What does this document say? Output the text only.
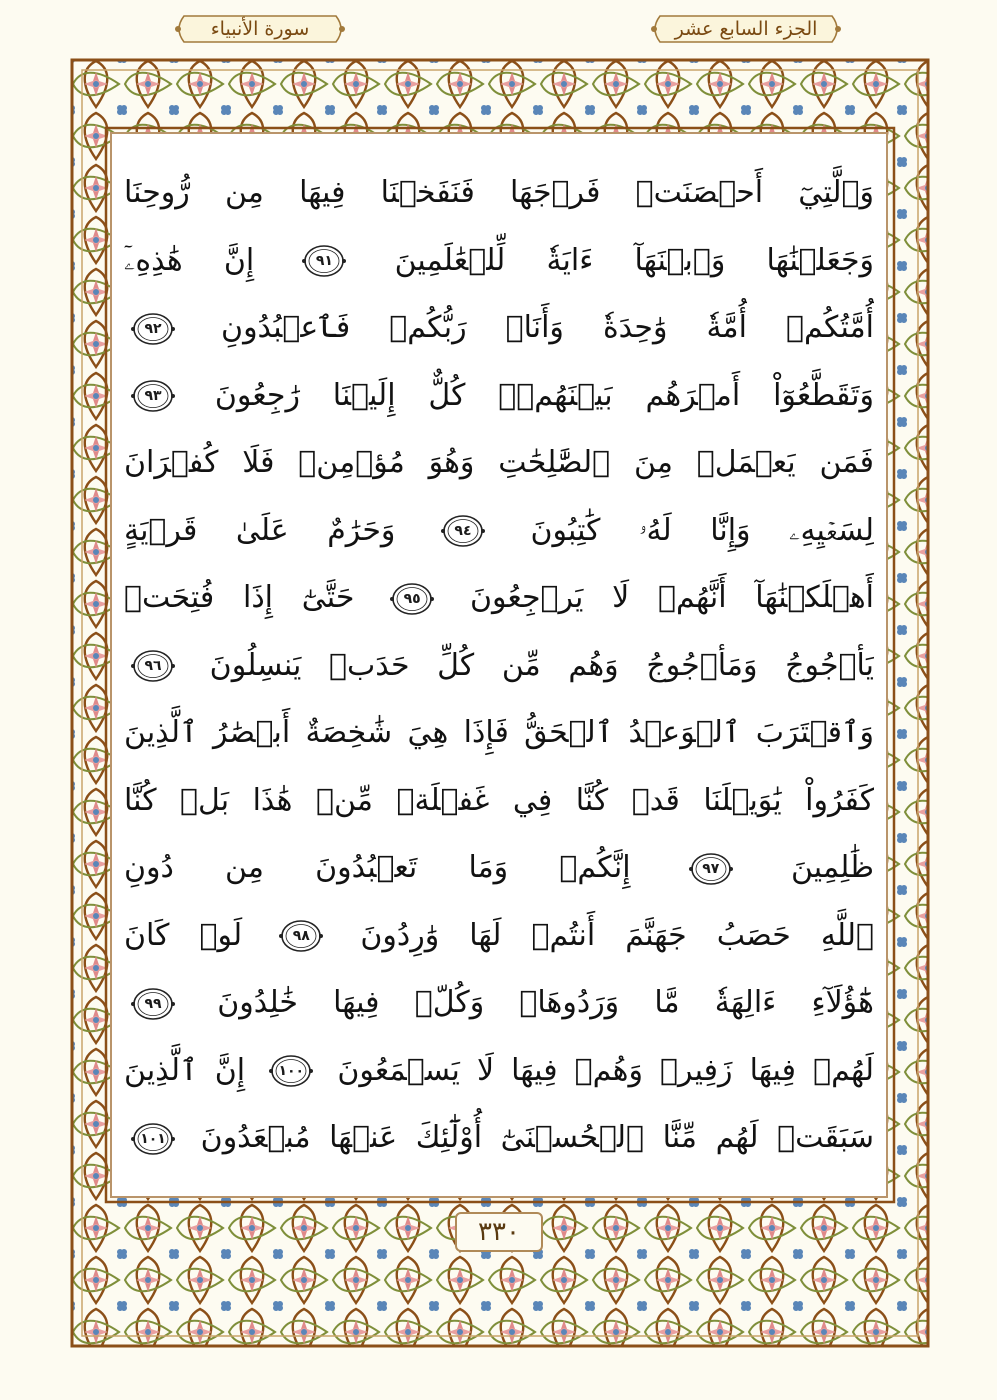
سورة الأنبياء	الجزء السابع عشر
وَٱلَّتِيٓ أَحۡصَنَتۡ فَرۡجَهَا فَنَفَخۡنَا فِيهَا مِن رُّوحِنَا
وَجَعَلۡنَٰهَا وَٱبۡنَهَآ ءَايَةٗ لِّلۡعَٰلَمِينَ
٩١
إِنَّ هَٰذِهِۦٓ
أُمَّتُكُمۡ أُمَّةٗ وَٰحِدَةٗ وَأَنَا۠ رَبُّكُمۡ فَٱعۡبُدُونِ
٩٢
وَتَقَطَّعُوٓاْ أَمۡرَهُم بَيۡنَهُمۡۖ كُلٌّ إِلَيۡنَا رَٰجِعُونَ
٩٣
فَمَن يَعۡمَلۡ مِنَ ٱلصَّٰلِحَٰتِ وَهُوَ مُؤۡمِنٞ فَلَا كُفۡرَانَ
لِسَعۡيِهِۦ وَإِنَّا لَهُۥ كَٰتِبُونَ
٩٤
وَحَرَٰمٌ عَلَىٰ قَرۡيَةٍ
أَهۡلَكۡنَٰهَآ أَنَّهُمۡ لَا يَرۡجِعُونَ
٩٥
حَتَّىٰٓ إِذَا فُتِحَتۡ
يَأۡجُوجُ وَمَأۡجُوجُ وَهُم مِّن كُلِّ حَدَبٖ يَنسِلُونَ
٩٦
وَٱقۡتَرَبَ ٱلۡوَعۡدُ ٱلۡحَقُّ فَإِذَا هِيَ شَٰخِصَةٌ أَبۡصَٰرُ ٱلَّذِينَ
كَفَرُواْ يَٰوَيۡلَنَا قَدۡ كُنَّا فِي غَفۡلَةٖ مِّنۡ هَٰذَا بَلۡ كُنَّا
ظَٰلِمِينَ
٩٧
إِنَّكُمۡ وَمَا تَعۡبُدُونَ مِن دُونِ
ٱللَّهِ حَصَبُ جَهَنَّمَ أَنتُمۡ لَهَا وَٰرِدُونَ
٩٨
لَوۡ كَانَ
هَٰٓؤُلَآءِ ءَالِهَةٗ مَّا وَرَدُوهَاۖ وَكُلّٞ فِيهَا خَٰلِدُونَ
٩٩
لَهُمۡ فِيهَا زَفِيرٞ وَهُمۡ فِيهَا لَا يَسۡمَعُونَ
١٠٠
إِنَّ ٱلَّذِينَ
سَبَقَتۡ لَهُم مِّنَّا ٱلۡحُسۡنَىٰٓ أُوْلَٰٓئِكَ عَنۡهَا مُبۡعَدُونَ
١٠١
٣٣٠
